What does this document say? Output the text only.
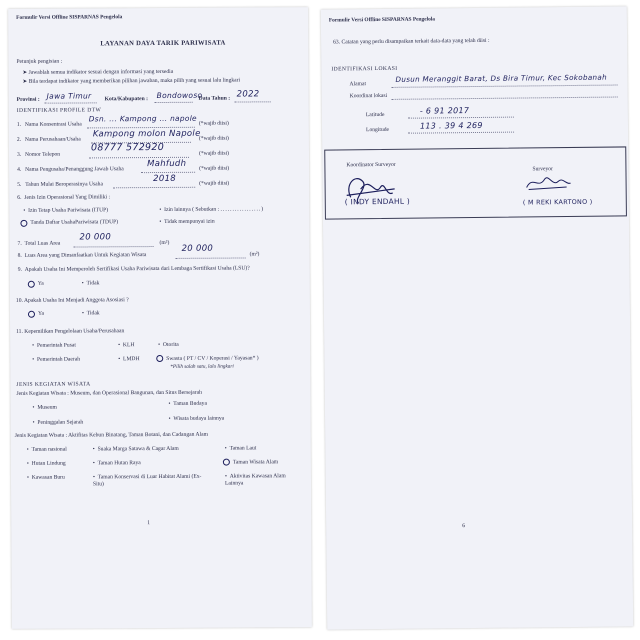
Formulir Versi Offline SISPARNAS Pengelola
LAYANAN DAYA TARIK PARIWISATA
Petunjuk pengisian :
➤ Jawablah semua indikator sesuai dengan informasi yang tersedia
➤ Bila terdapat indikator yang memberikan pilihan jawaban, maka pilih yang sesuai lalu lingkari
Provinsi : Jawa Timur Kota/Kabupaten : Bondowoso
Data Tahun : 2022
IDENTIFIKASI PROFILE DTW
1. Nama Konsentrasi Usaha
Dsn. ... Kampong ... napole
(*wajib diisi)
2. Nama Perusahaan/Usaha
Kampong molon Napole
(*wajib diisi)
3. Nomor Telepon
08777 572920
(*wajib diisi)
4. Nama Pengusaha/Penanggung Jawab Usaha
Mahfudh (*wajib diisi)
5. Tahun Mulai Beroperasinya Usaha
2018	(*wajib diisi)
6.  Jenis Izin Operasional Yang Dimiliki :
•  Izin Tetap Usaha Pariwisata (ITUP)	•  Izin lainnya ( Sebutkan : .................)
Tanda Daftar UsahaPariwisata (TDUP)	•  Tidak mempunyai izin
7.  Total Luas Area
20 000
(m²)
8.  Luas Area yang Dimanfaatkan Untuk Kegiatan Wisata
20 000
(m²)
9.  Apakah Usaha Ini Memperoleh Sertifikasi Usaha Pariwisata dari Lembaga Sertifikasi Usaha (LSU)?
Ya	•  Tidak
10. Apakah Usaha Ini Menjadi Anggota Asosiasi ?
Ya	•  Tidak
11. Kepemilikan Pengelolaan Usaha/Perusahaan
•  Pemerintah Pusat	•  KLH	•  Otorita
•  Pemerintah Daerah	•  LMDH	Swasta ( PT / CV / Koperasi / Yayasan* )
*Pilih salah satu, lalu lingkari
JENIS KEGIATAN WISATA
Jenis Kegiatan Wisata : Museum, dan Operasional Bangunan, dan Situs Bersejarah
•  Museum
•  Taman Budaya
•  Peninggalan Sejarah
•  Wisata budaya lainnya
Jenis Kegiatan Wisata : Aktifitas Kebun Binatang, Taman Botani, dan Cadangan Alam
•  Taman nasional	•  Suaka Marga Satawa & Cagar Alam	•  Taman Laut
•  Hutan Lindung	•  Taman Hutan Raya	Taman Wisata Alam
•  Kawasan Buru	•  Taman Konservasi di Luar Habitat Alami (Ex-Situ)
•  Aktivitas Kawasan Alam Lainnya
1
Formulir Versi Offline SISPARNAS Pengelola
63. Catatan yang perlu disampaikan terkait data-data yang telah diisi :
IDENTIFIKASI LOKASI
Alamat
Dusun Meranggit Barat, Ds Bira Timur, Kec Sokobanah
Koordinat lokasi
Latitude	- 6 91 2017
Longitude	113 . 39 4 269
Koordinator Surveyor
( INDY ENDAHL )
Surveyor
( M REKI KARTONO )
6
